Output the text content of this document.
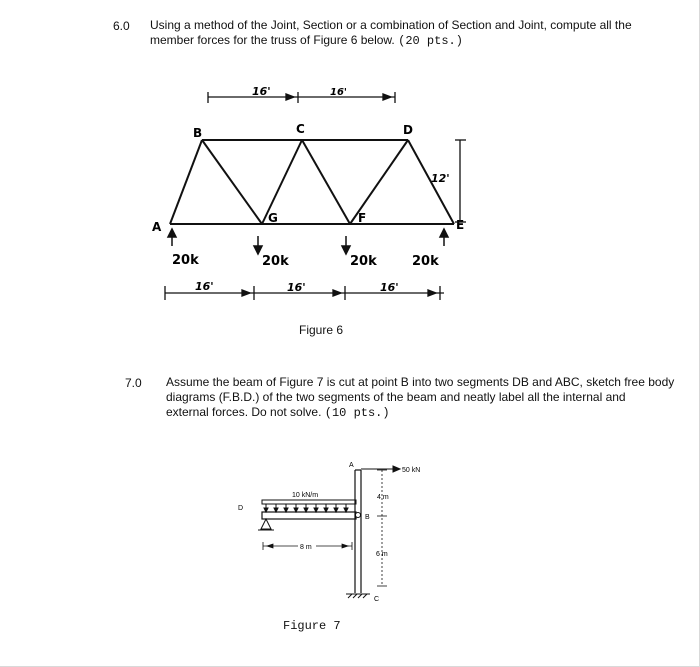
6.0 Using a method of the Joint, Section or a combination of Section and Joint, compute all the
member forces for the truss of Figure 6 below. (20 pts.)
7.0 Assume the beam of Figure 7 is cut at point B into two segments DB and ABC, sketch free body
diagrams (F.B.D.) of the two segments of the beam and neatly label all the internal and
external forces. Do not solve. (10 pts.)
16'	16'
B	C	D
A
G	F	E
12'
20k	20k	20k	20k
16'	16'	16'
Figure 6
A
50 kN
D
10 kN/m
B
8 m
4 m
6 m
C
Figure 7
